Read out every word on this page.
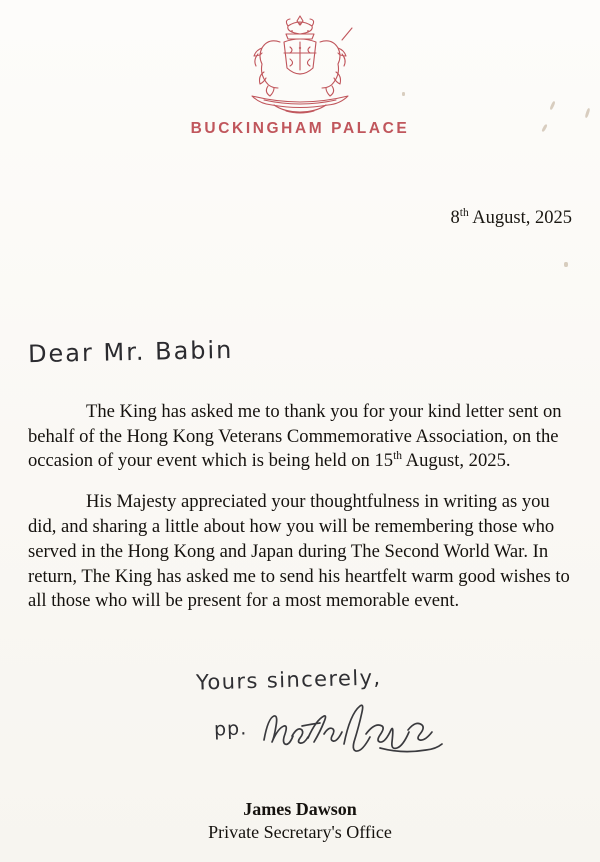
BUCKINGHAM PALACE
8th August, 2025
Dear Mr. Babin

The King has asked me to thank you for your kind letter sent on behalf of the Hong Kong Veterans Commemorative Association, on the occasion of your event which is being held on 15th August, 2025.

His Majesty appreciated your thoughtfulness in writing as you did, and sharing a little about how you will be remembering those who served in the Hong Kong and Japan during The Second World War. In return, The King has asked me to send his heartfelt warm good wishes to all those who will be present for a most memorable event.

Yours sincerely,
pp.
James Dawson
Private Secretary's Office
